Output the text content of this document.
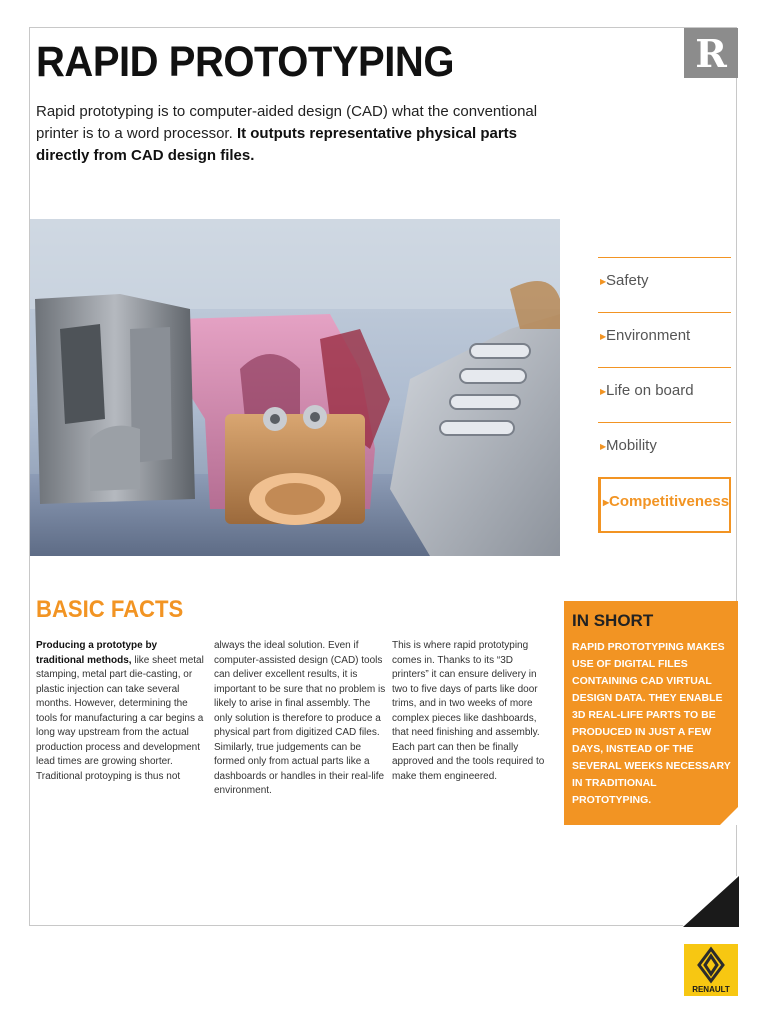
R
RAPID PROTOTYPING

Rapid prototyping is to computer-aided design (CAD) what the conventional printer is to a word processor. It outputs representative physical parts directly from CAD design files.

▶ Safety
▶ Environment
▶ Life on board
▶ Mobility
▶ Competitiveness
BASIC FACTS

Producing a prototype by traditional methods, like sheet metal stamping, metal part die-casting, or plastic injection can take several months. However, determining the tools for manufacturing a car begins a long way upstream from the actual production process and development lead times are growing shorter. Traditional protoyping is thus not

always the ideal solution. Even if computer-assisted design (CAD) tools can deliver excellent results, it is important to be sure that no problem is likely to arise in final assembly. The only solution is therefore to produce a physical part from digitized CAD files. Similarly, true judgements can be formed only from actual parts like a dashboards or handles in their real-life environment.

This is where rapid prototyping comes in. Thanks to its “3D printers” it can ensure delivery in two to five days of parts like door trims, and in two weeks of more complex pieces like dashboards, that need finishing and assembly. Each part can then be finally approved and the tools required to make them engineered.

IN SHORT

RAPID PROTOTYPING MAKES USE OF DIGITAL FILES CONTAINING CAD VIRTUAL DESIGN DATA. THEY ENABLE 3D REAL-LIFE PARTS TO BE PRODUCED IN JUST A FEW DAYS, INSTEAD OF THE SEVERAL WEEKS NECESSARY IN TRADITIONAL PROTOTYPING.

RENAULT
